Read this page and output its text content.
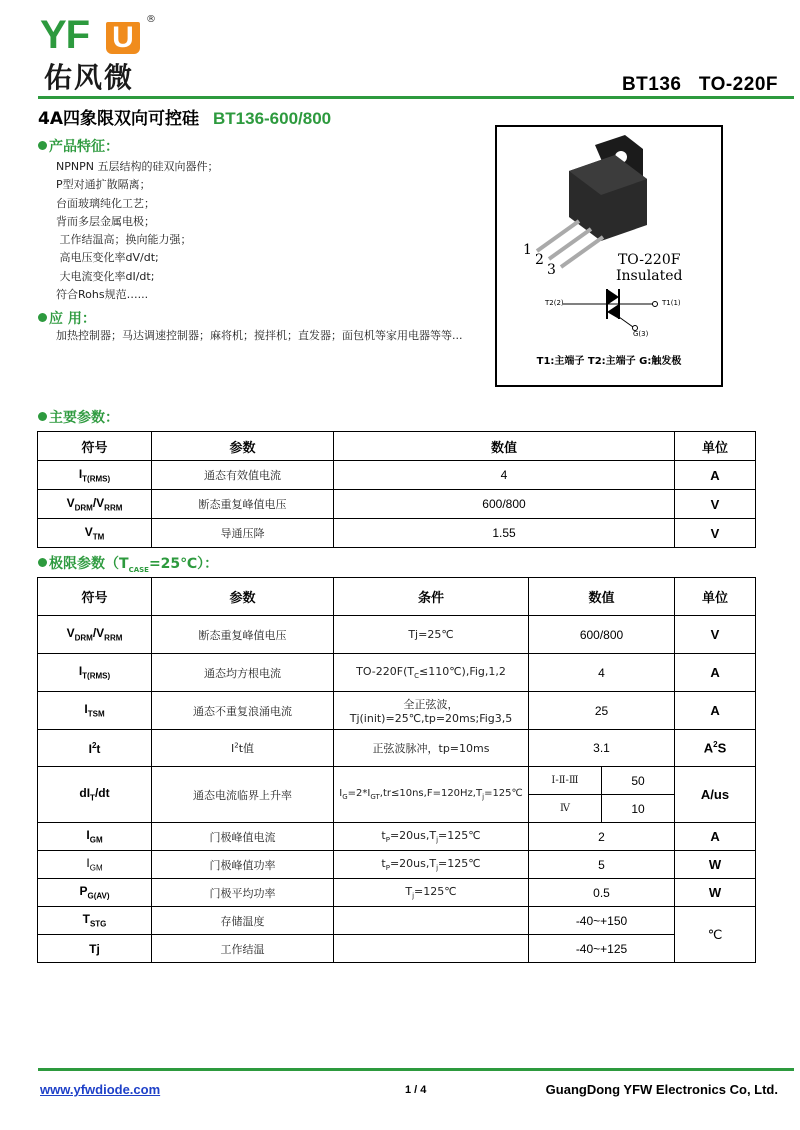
YF U
®
佑风微	BT136   TO-220F
4A四象限双向可控硅 BT136-600/800
产品特征：
NPNPN 五层结构的硅双向器件；
P型对通扩散隔离；
台面玻璃纯化工艺；
背而多层金属电极；
工作结温高；换向能力强；
高电压变化率dV/dt;
大电流变化率dI/dt;
符合Rohs规范…...
应 用：
加热控制器；马达调速控制器；麻将机；搅拌机；直发器；面包机等家用电器等等...
1
2
3
TO-220F
Insulated
T2(2)	T1(1)
G(3)
T1:主端子 T2:主端子 G:触发极
主要参数：
符号	参数	数值	单位
$I_{T(RMS)}$	通态有效值电流	4	A
$V_{DRM}/V_{RRM}$	断态重复峰值电压	600/800	V
$V_{TM}$	导通压降	1.55	V
极限参数$(T_{CASE}=25℃)$：
符号	参数	条件	数值		单位
$V_{DRM}/V_{RRM}$	断态重复峰值电压	Tj=25℃	600/800		V
$I_{T(RMS)}$	通态均方根电流	$TO-220F(T_C\le 110℃),Fig,1,2$	4		A
$I_{TSM}$	通态不重复浪涌电流	全正弦波，
Tj(init)=25℃,tp=20ms;Fig3,5	25		A
$I^2t$	$I^2t$值	正弦波脉冲，tp=10ms	3.1		$A^2S$
$dI_T/dt$	通态电流临界上升率	$I_G=2*I_{GT},tr\le 10ns,F=120Hz,T_j=125℃$	Ⅰ-Ⅱ-Ⅲ	50	A/us
			Ⅳ	10	
$I_{GM}$	门极峰值电流	$t_P=20us,T_j=125℃$	2		A
$I_{GM}$	门极峰值功率	$t_P=20us,T_j=125℃$	5		W
$P_{G(AV)}$	门极平均功率	$T_j=125℃$	0.5		W
$T_{STG}$	存储温度		-40~+150		℃
Tj	工作结温		-40~+125		
www.yfwdiode.com	1 / 4	GuangDong YFW Electronics Co, Ltd.
